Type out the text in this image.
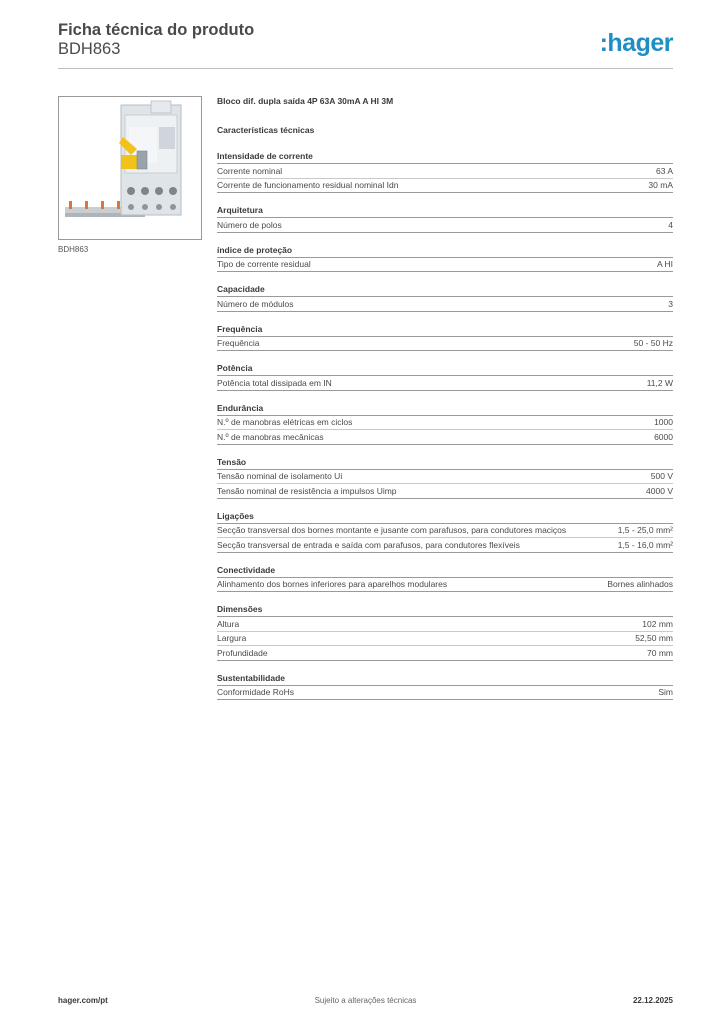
Ficha técnica do produto

BDH863	:hager
BDH863
Bloco dif. dupla saída 4P 63A 30mA A HI 3M
Características técnicas
Intensidade de corrente
Corrente nominal	63 A
Corrente de funcionamento residual nominal Idn	30 mA
Arquitetura
Número de polos	4
índice de proteção
Tipo de corrente residual	A HI
Capacidade
Número de módulos	3
Frequência
Frequência	50 - 50 Hz
Potência
Potência total dissipada em IN	11,2 W
Endurância
N.º de manobras elétricas em ciclos	1000
N.º de manobras mecânicas	6000
Tensão
Tensão nominal de isolamento Ui	500 V
Tensão nominal de resistência a impulsos Uimp	4000 V
Ligações
Secção transversal dos bornes montante e jusante com parafusos, para condutores maciços	1,5 - 25,0 mm²
Secção transversal de entrada e saída com parafusos, para condutores flexíveis	1,5 - 16,0 mm²
Conectividade
Alinhamento dos bornes inferiores para aparelhos modulares	Bornes alinhados
Dimensões
Altura	102 mm
Largura	52,50 mm
Profundidade	70 mm
Sustentabilidade
Conformidade RoHs	Sim
hager.com/pt	Sujeito a alterações técnicas	22.12.2025
